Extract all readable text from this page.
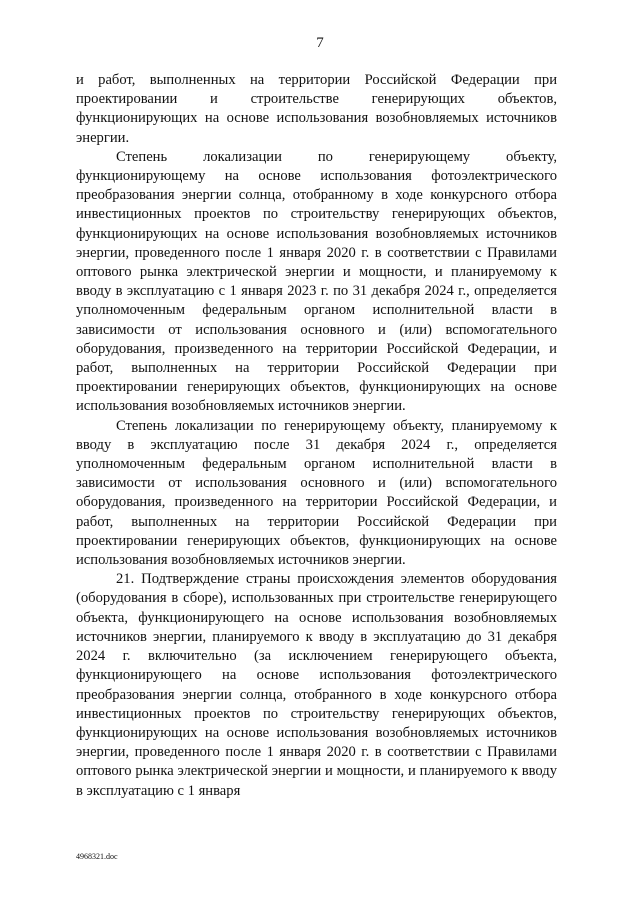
7

и работ, выполненных на территории Российской Федерации при проектировании и строительстве генерирующих объектов, функционирующих на основе использования возобновляемых источников энергии.

Степень локализации по генерирующему объекту, функционирующему на основе использования фотоэлектрического преобразования энергии солнца, отобранному в ходе конкурсного отбора инвестиционных проектов по строительству генерирующих объектов, функционирующих на основе использования возобновляемых источников энергии, проведенного после 1 января 2020 г. в соответствии с Правилами оптового рынка электрической энергии и мощности, и планируемому к вводу в эксплуатацию с 1 января 2023 г. по 31 декабря 2024 г., определяется уполномоченным федеральным органом исполнительной власти в зависимости от использования основного и (или) вспомогательного оборудования, произведенного на территории Российской Федерации, и работ, выполненных на территории Российской Федерации при проектировании генерирующих объектов, функционирующих на основе использования возобновляемых источников энергии.

Степень локализации по генерирующему объекту, планируемому к вводу в эксплуатацию после 31 декабря 2024 г., определяется уполномоченным федеральным органом исполнительной власти в зависимости от использования основного и (или) вспомогательного оборудования, произведенного на территории Российской Федерации, и работ, выполненных на территории Российской Федерации при проектировании генерирующих объектов, функционирующих на основе использования возобновляемых источников энергии.

21. Подтверждение страны происхождения элементов оборудования (оборудования в сборе), использованных при строительстве генерирующего объекта, функционирующего на основе использования возобновляемых источников энергии, планируемого к вводу в эксплуатацию до 31 декабря 2024 г. включительно (за исключением генерирующего объекта, функционирующего на основе использования фотоэлектрического преобразования энергии солнца, отобранного в ходе конкурсного отбора инвестиционных проектов по строительству генерирующих объектов, функционирующих на основе использования возобновляемых источников энергии, проведенного после 1 января 2020 г. в соответствии с Правилами оптового рынка электрической энергии и мощности, и планируемого к вводу в эксплуатацию с 1 января

4968321.doc
